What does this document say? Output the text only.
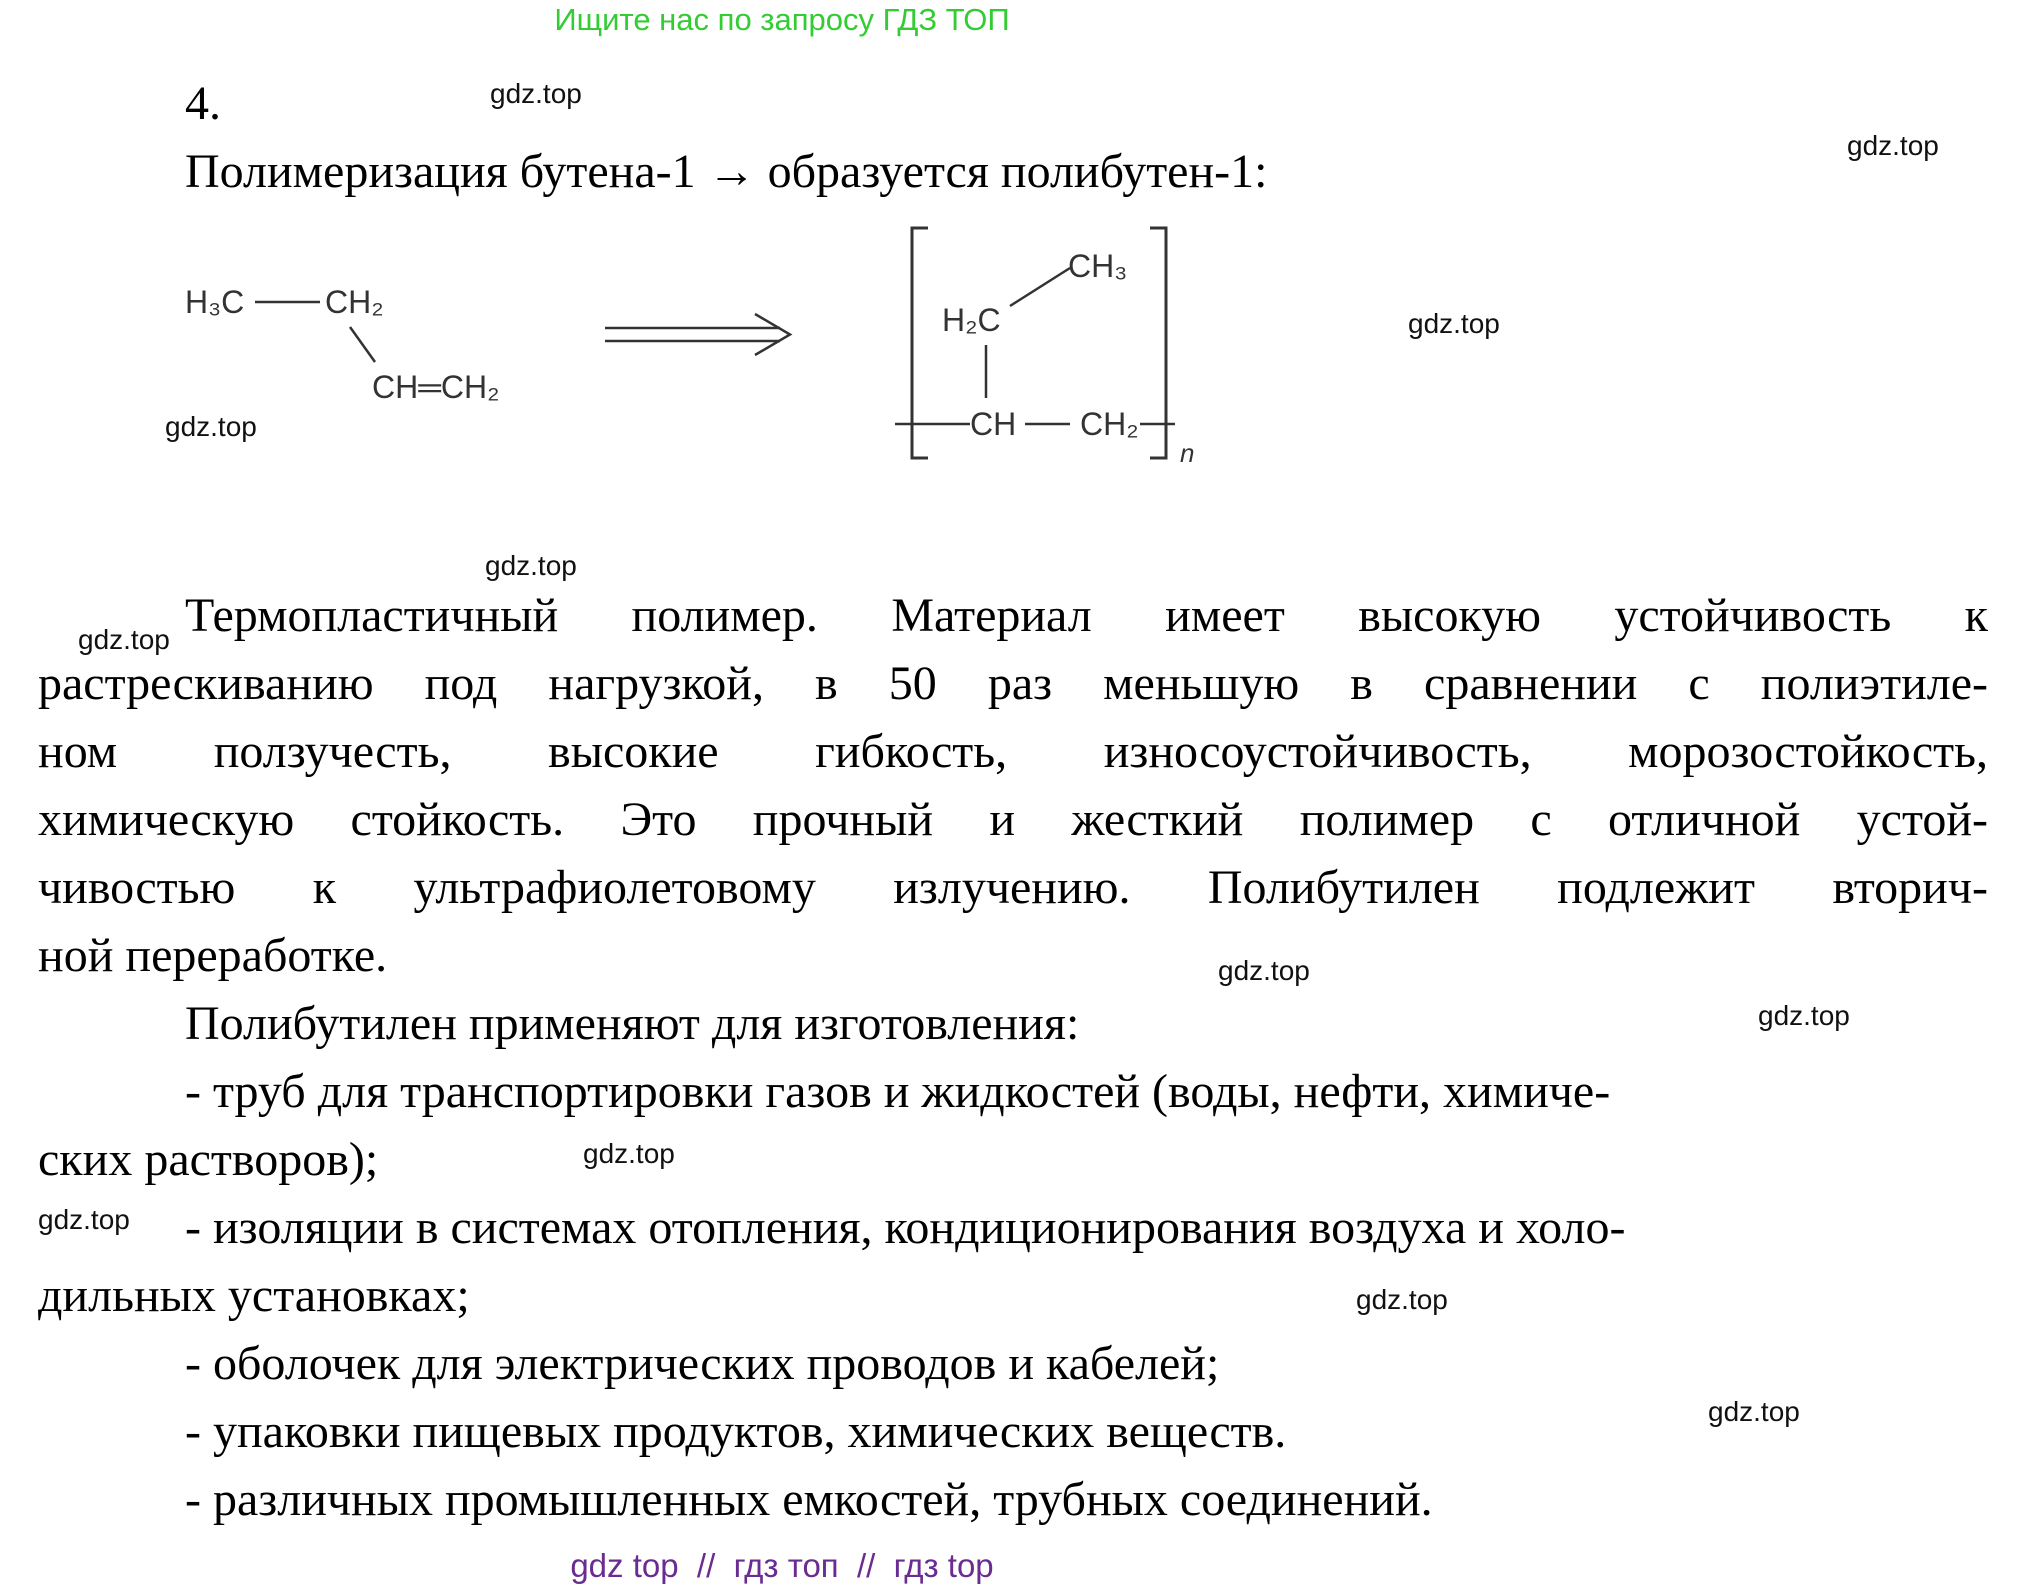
Ищите нас по запросу ГДЗ ТОП
4.
Полимеризация бутена-1 → образуется полибутен-1:
H₃C	CH₂
CH═CH₂
CH₃
H₂C
CH CH₂
n
Термопластичный полимер. Материал имеет высокую устойчивость к
растрескиванию под нагрузкой, в 50 раз меньшую в сравнении с полиэтиле-
ном ползучесть, высокие гибкость, износоустойчивость, морозостойкость,
химическую стойкость. Это прочный и жесткий полимер с отличной устой-
чивостью к ультрафиолетовому излучению. Полибутилен подлежит вторич-
ной переработке.
Полибутилен применяют для изготовления:
- труб для транспортировки газов и жидкостей (воды, нефти, химиче-
ских растворов);
- изоляции в системах отопления, кондиционирования воздуха и холо-
дильных установках;
- оболочек для электрических проводов и кабелей;
- упаковки пищевых продуктов, химических веществ.
- различных промышленных емкостей, трубных соединений.
gdz.top
gdz.top
gdz.top
gdz.top
gdz.top
gdz.top
gdz.top
gdz.top
gdz.top
gdz.top
gdz.top
gdz.top
gdz top  //  гдз топ  //  гдз top
